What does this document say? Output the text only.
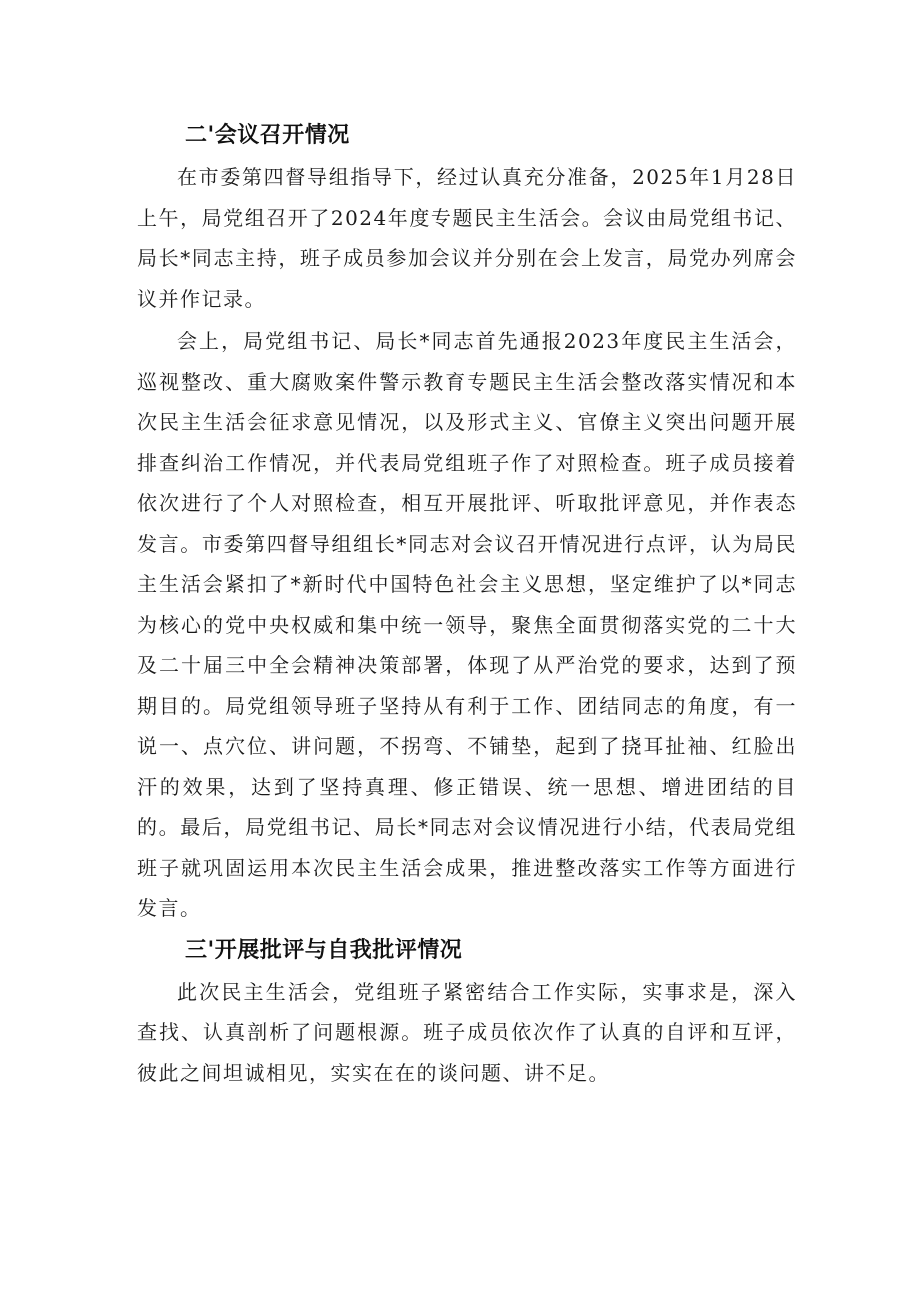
二'会议召开情况

在市委第四督导组指导下，经过认真充分准备，2025年1月28日上午，局党组召开了2024年度专题民主生活会。会议由局党组书记、局长*同志主持，班子成员参加会议并分别在会上发言，局党办列席会议并作记录。

会上，局党组书记、局长*同志首先通报2023年度民主生活会，巡视整改、重大腐败案件警示教育专题民主生活会整改落实情况和本次民主生活会征求意见情况，以及形式主义、官僚主义突出问题开展排查纠治工作情况，并代表局党组班子作了对照检查。班子成员接着依次进行了个人对照检查，相互开展批评、听取批评意见，并作表态发言。市委第四督导组组长*同志对会议召开情况进行点评，认为局民主生活会紧扣了*新时代中国特色社会主义思想，坚定维护了以*同志为核心的党中央权威和集中统一领导，聚焦全面贯彻落实党的二十大及二十届三中全会精神决策部署，体现了从严治党的要求，达到了预期目的。局党组领导班子坚持从有利于工作、团结同志的角度，有一说一、点穴位、讲问题，不拐弯、不铺垫，起到了挠耳扯袖、红脸出汗的效果，达到了坚持真理、修正错误、统一思想、增进团结的目的。最后，局党组书记、局长*同志对会议情况进行小结，代表局党组班子就巩固运用本次民主生活会成果，推进整改落实工作等方面进行发言。

三'开展批评与自我批评情况

此次民主生活会，党组班子紧密结合工作实际，实事求是，深入查找、认真剖析了问题根源。班子成员依次作了认真的自评和互评，彼此之间坦诚相见，实实在在的谈问题、讲不足。
